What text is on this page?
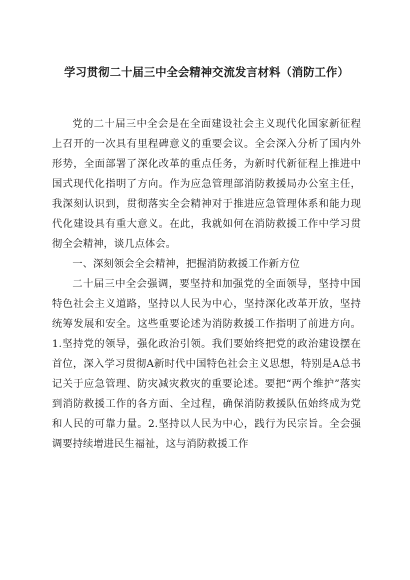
学习贯彻二十届三中全会精神交流发言材料（消防工作）

党的二十届三中全会是在全面建设社会主义现代化国家新征程上召开的一次具有里程碑意义的重要会议。全会深入分析了国内外形势，全面部署了深化改革的重点任务，为新时代新征程上推进中国式现代化指明了方向。作为应急管理部消防救援局办公室主任，我深刻认识到，贯彻落实全会精神对于推进应急管理体系和能力现代化建设具有重大意义。在此，我就如何在消防救援工作中学习贯彻全会精神，谈几点体会。

一、深刻领会全会精神，把握消防救援工作新方位

二十届三中全会强调，要坚持和加强党的全面领导，坚持中国特色社会主义道路，坚持以人民为中心，坚持深化改革开放，坚持统筹发展和安全。这些重要论述为消防救援工作指明了前进方向。1.坚持党的领导，强化政治引领。我们要始终把党的政治建设摆在首位，深入学习贯彻A新时代中国特色社会主义思想，特别是A总书记关于应急管理、防灾减灾救灾的重要论述。要把“两个维护”落实到消防救援工作的各方面、全过程，确保消防救援队伍始终成为党和人民的可靠力量。2.坚持以人民为中心，践行为民宗旨。全会强调要持续增进民生福祉，这与消防救援工作
